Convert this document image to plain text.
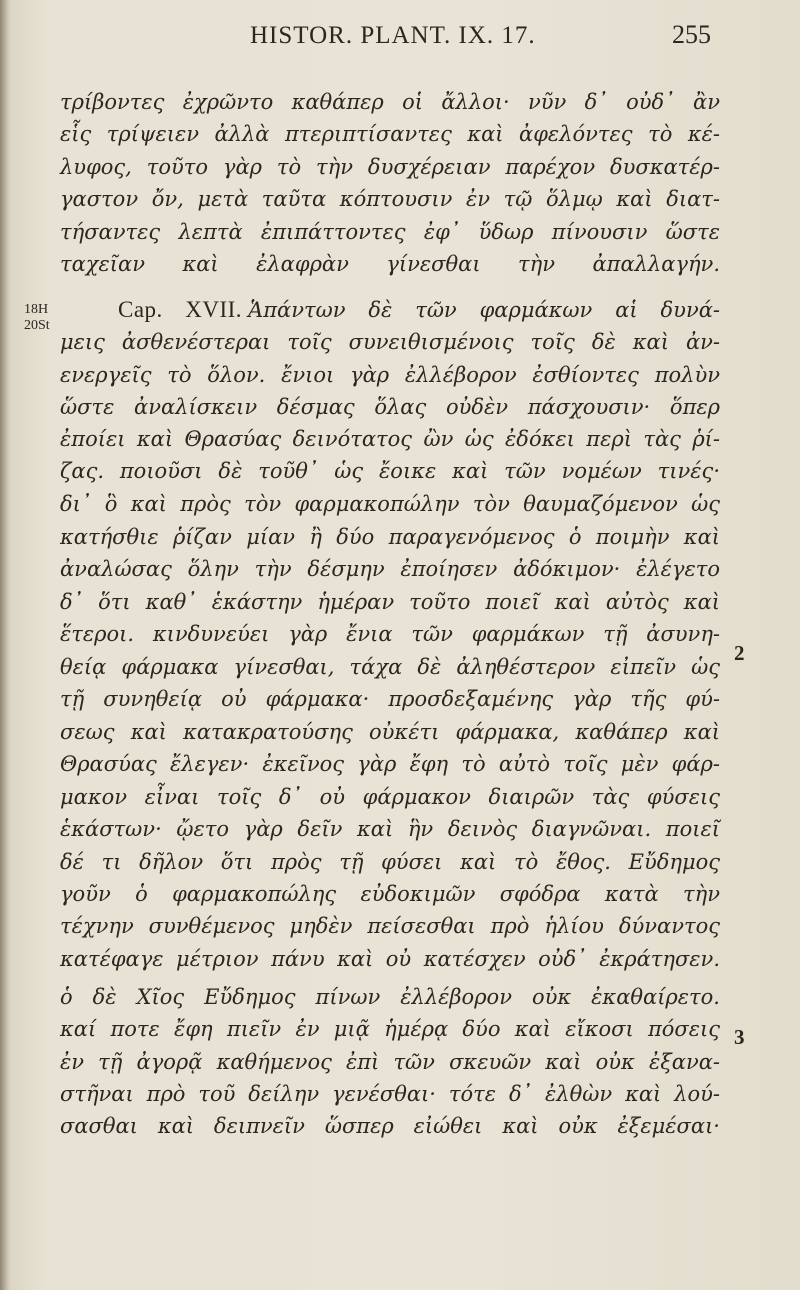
HISTOR. PLANT. IX. 17.	255
18H
20St
2
3
τρίβοντες ἐχρῶντο καθάπερ οἱ ἄλλοι· νῦν δ᾽ οὐδ᾽ ἂν
εἷς τρίψειεν ἀλλὰ πτεριπτίσαντες καὶ ἀφελόντες τὸ κέ-
λυφος, τοῦτο γὰρ τὸ τὴν δυσχέρειαν παρέχον δυσκατέρ-
γαστον ὄν, μετὰ ταῦτα κόπτουσιν ἐν τῷ ὅλμῳ καὶ διατ-
τήσαντες λεπτὰ ἐπιπάττοντες ἐφ᾽ ὕδωρ πίνουσιν ὥστε
ταχεῖαν καὶ ἐλαφρὰν γίνεσθαι τὴν ἀπαλλαγήν.
Cap. XVII. Ἁπάντων δὲ τῶν φαρμάκων αἱ δυνά-
μεις ἀσθενέστεραι τοῖς συνειθισμένοις τοῖς δὲ καὶ ἀν-
ενεργεῖς τὸ ὅλον. ἔνιοι γὰρ ἐλλέβορον ἐσθίοντες πολὺν
ὥστε ἀναλίσκειν δέσμας ὅλας οὐδὲν πάσχουσιν· ὅπερ
ἐποίει καὶ Θρασύας δεινότατος ὢν ὡς ἐδόκει περὶ τὰς ῥί-
ζας. ποιοῦσι δὲ τοῦθ᾽ ὡς ἔοικε καὶ τῶν νομέων τινές·
δι᾽ ὃ καὶ πρὸς τὸν φαρμακοπώλην τὸν θαυμαζόμενον ὡς
κατήσθιε ῥίζαν μίαν ἢ δύο παραγενόμενος ὁ ποιμὴν καὶ
ἀναλώσας ὅλην τὴν δέσμην ἐποίησεν ἀδόκιμον· ἐλέγετο
δ᾽ ὅτι καθ᾽ ἑκάστην ἡμέραν τοῦτο ποιεῖ καὶ αὐτὸς καὶ
ἕτεροι. κινδυνεύει γὰρ ἔνια τῶν φαρμάκων τῇ ἀσυνη-
θείᾳ φάρμακα γίνεσθαι, τάχα δὲ ἀληθέστερον εἰπεῖν ὡς
τῇ συνηθείᾳ οὐ φάρμακα· προσδεξαμένης γὰρ τῆς φύ-
σεως καὶ κατακρατούσης οὐκέτι φάρμακα, καθάπερ καὶ
Θρασύας ἔλεγεν· ἐκεῖνος γὰρ ἔφη τὸ αὐτὸ τοῖς μὲν φάρ-
μακον εἶναι τοῖς δ᾽ οὐ φάρμακον διαιρῶν τὰς φύσεις
ἑκάστων· ᾤετο γὰρ δεῖν καὶ ἣν δεινὸς διαγνῶναι. ποιεῖ
δέ τι δῆλον ὅτι πρὸς τῇ φύσει καὶ τὸ ἔθος. Εὔδημος
γοῦν ὁ φαρμακοπώλης εὐδοκιμῶν σφόδρα κατὰ τὴν
τέχνην συνθέμενος μηδὲν πείσεσθαι πρὸ ἡλίου δύναντος
κατέφαγε μέτριον πάνυ καὶ οὐ κατέσχεν οὐδ᾽ ἐκράτησεν.
ὁ δὲ Χῖος Εὔδημος πίνων ἐλλέβορον οὐκ ἐκαθαίρετο.
καί ποτε ἔφη πιεῖν ἐν μιᾷ ἡμέρᾳ δύο καὶ εἴκοσι πόσεις
ἐν τῇ ἀγορᾷ καθήμενος ἐπὶ τῶν σκευῶν καὶ οὐκ ἐξανα-
στῆναι πρὸ τοῦ δείλην γενέσθαι· τότε δ᾽ ἐλθὼν καὶ λού-
σασθαι καὶ δειπνεῖν ὥσπερ εἰώθει καὶ οὐκ ἐξεμέσαι·
